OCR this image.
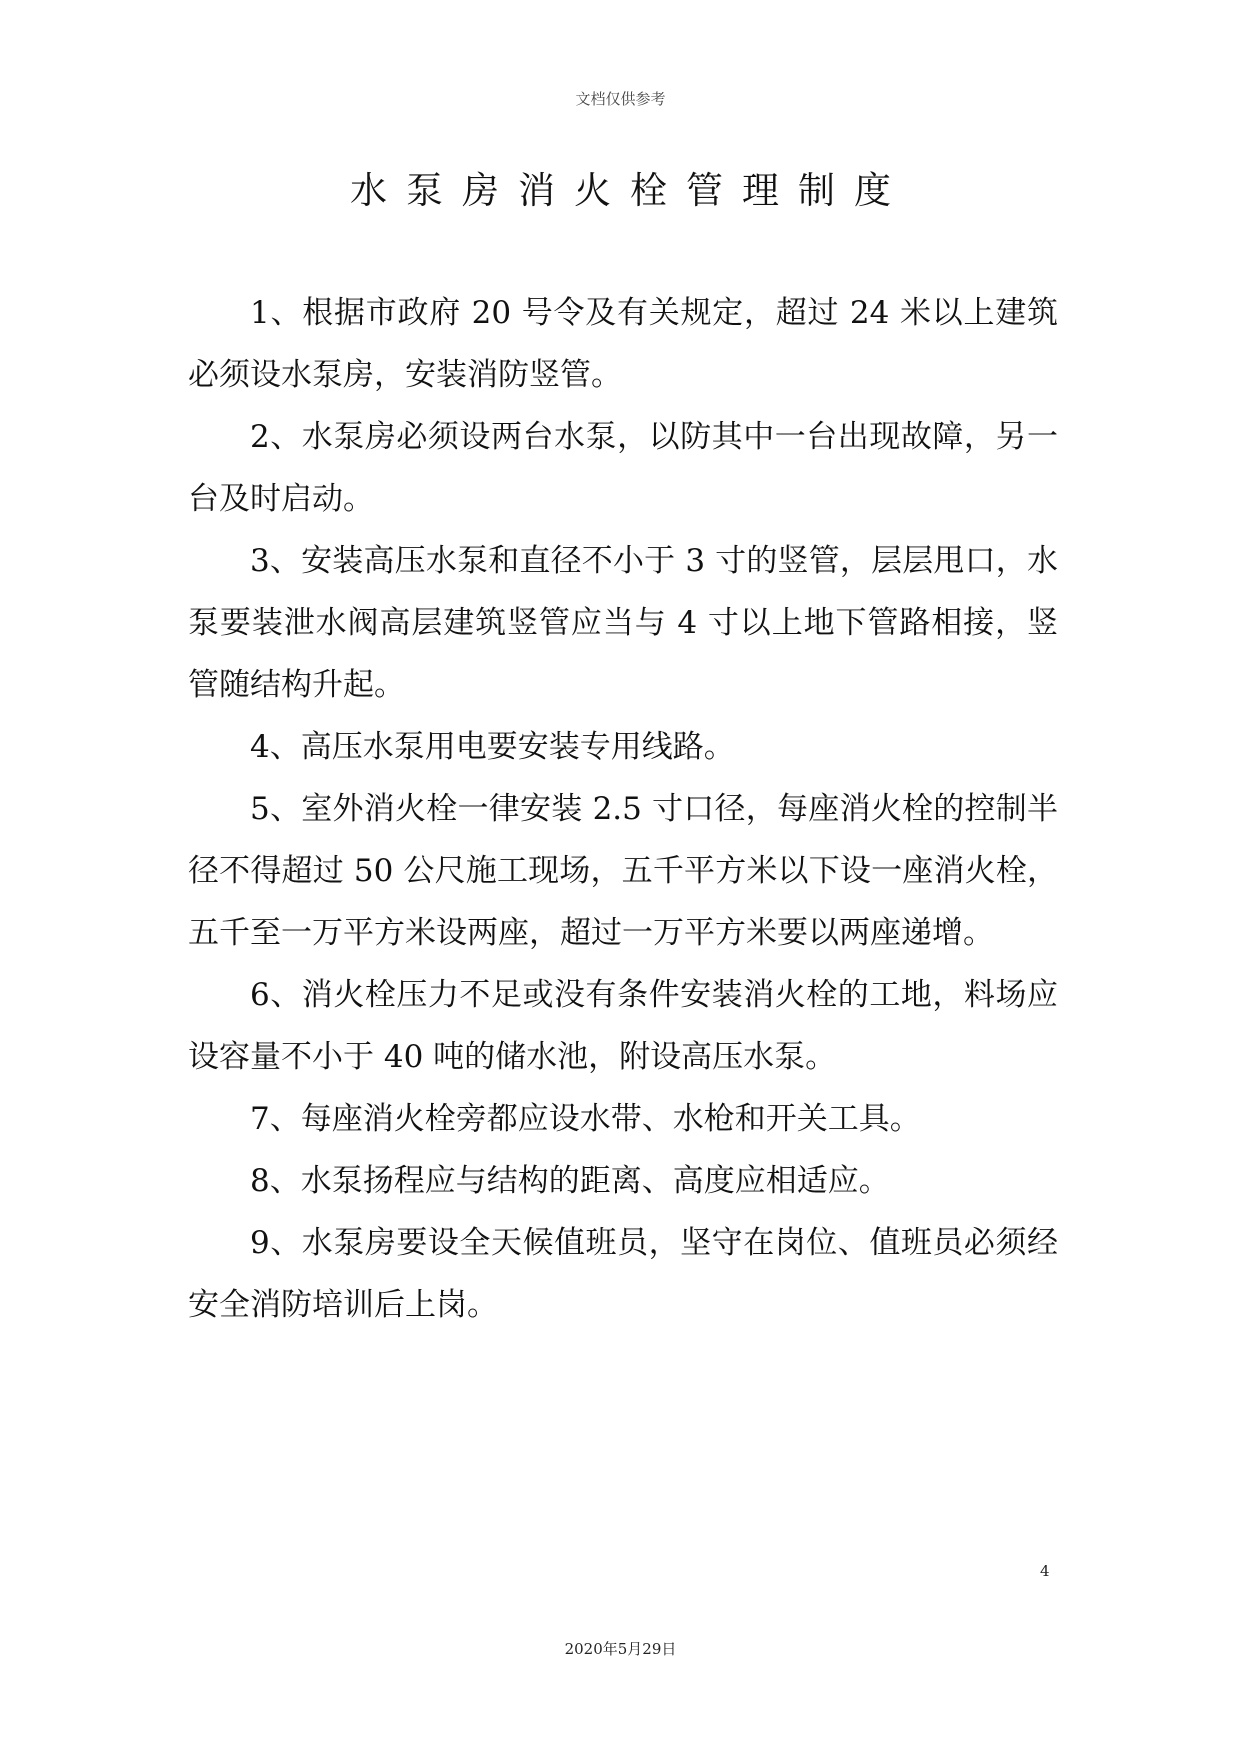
文档仅供参考
水泵房消火栓管理制度

1、根据市政府 20 号令及有关规定，超过 24 米以上建筑必须设水泵房，安装消防竖管。

2、水泵房必须设两台水泵，以防其中一台出现故障，另一台及时启动。

3、安装高压水泵和直径不小于 3 寸的竖管，层层甩口，水泵要装泄水阀高层建筑竖管应当与 4 寸以上地下管路相接，竖管随结构升起。

4、高压水泵用电要安装专用线路。

5、室外消火栓一律安装 2.5 寸口径，每座消火栓的控制半径不得超过 50 公尺施工现场，五千平方米以下设一座消火栓，五千至一万平方米设两座，超过一万平方米要以两座递增。

6、消火栓压力不足或没有条件安装消火栓的工地，料场应设容量不小于 40 吨的储水池，附设高压水泵。

7、每座消火栓旁都应设水带、水枪和开关工具。

8、水泵扬程应与结构的距离、高度应相适应。

9、水泵房要设全天候值班员，坚守在岗位、值班员必须经安全消防培训后上岗。

4
2020年5月29日
